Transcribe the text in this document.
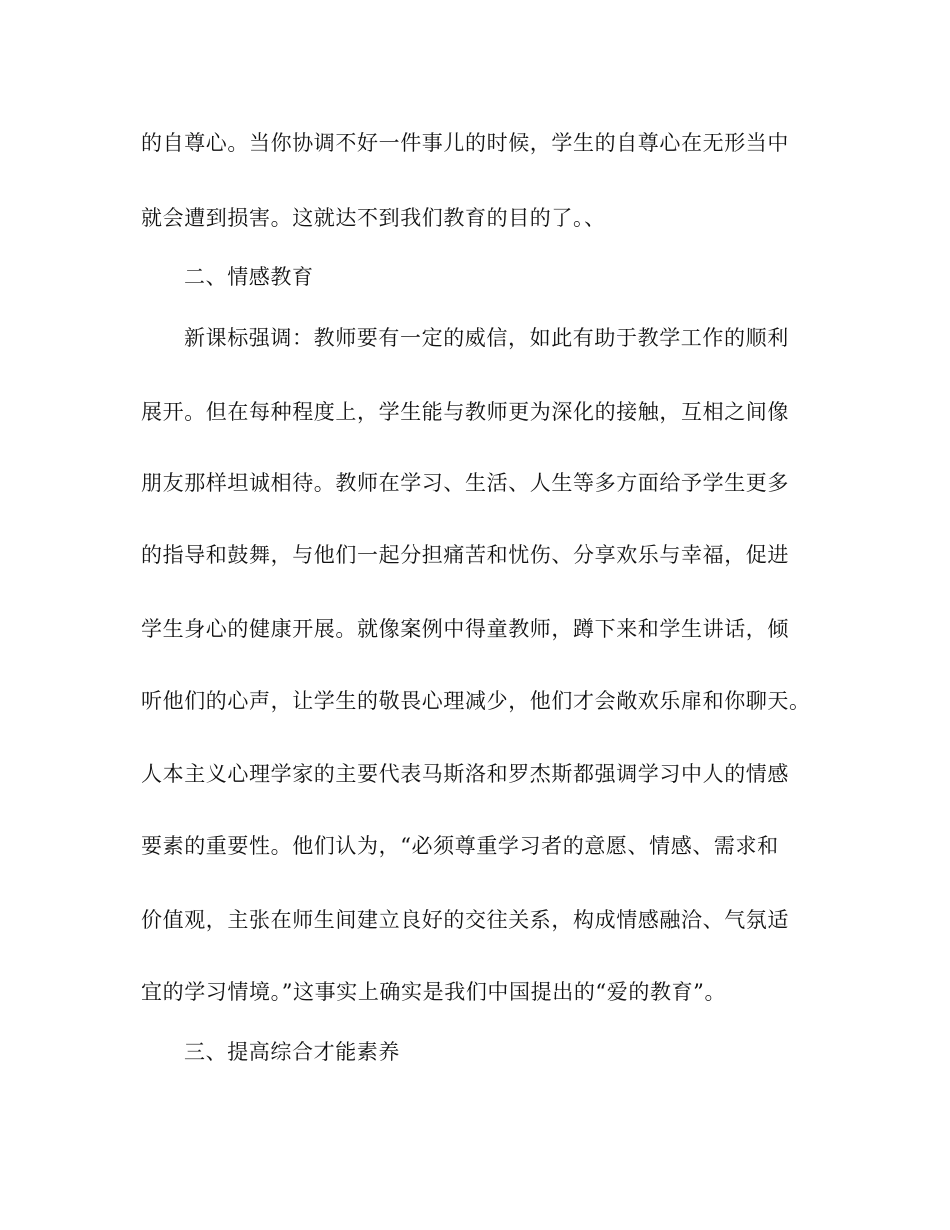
的自尊心。当你协调不好一件事儿的时候，学生的自尊心在无形当中
就会遭到损害。这就达不到我们教育的目的了。、
二、情感教育
新课标强调：教师要有一定的威信，如此有助于教学工作的顺利
展开。但在每种程度上，学生能与教师更为深化的接触，互相之间像
朋友那样坦诚相待。教师在学习、生活、人生等多方面给予学生更多
的指导和鼓舞，与他们一起分担痛苦和忧伤、分享欢乐与幸福，促进
学生身心的健康开展。就像案例中得童教师，蹲下来和学生讲话，倾
听他们的心声，让学生的敬畏心理减少，他们才会敞欢乐扉和你聊天。
人本主义心理学家的主要代表马斯洛和罗杰斯都强调学习中人的情感
要素的重要性。他们认为，“必须尊重学习者的意愿、情感、需求和
价值观，主张在师生间建立良好的交往关系，构成情感融洽、气氛适
宜的学习情境。”这事实上确实是我们中国提出的“爱的教育”。
三、提高综合才能素养
